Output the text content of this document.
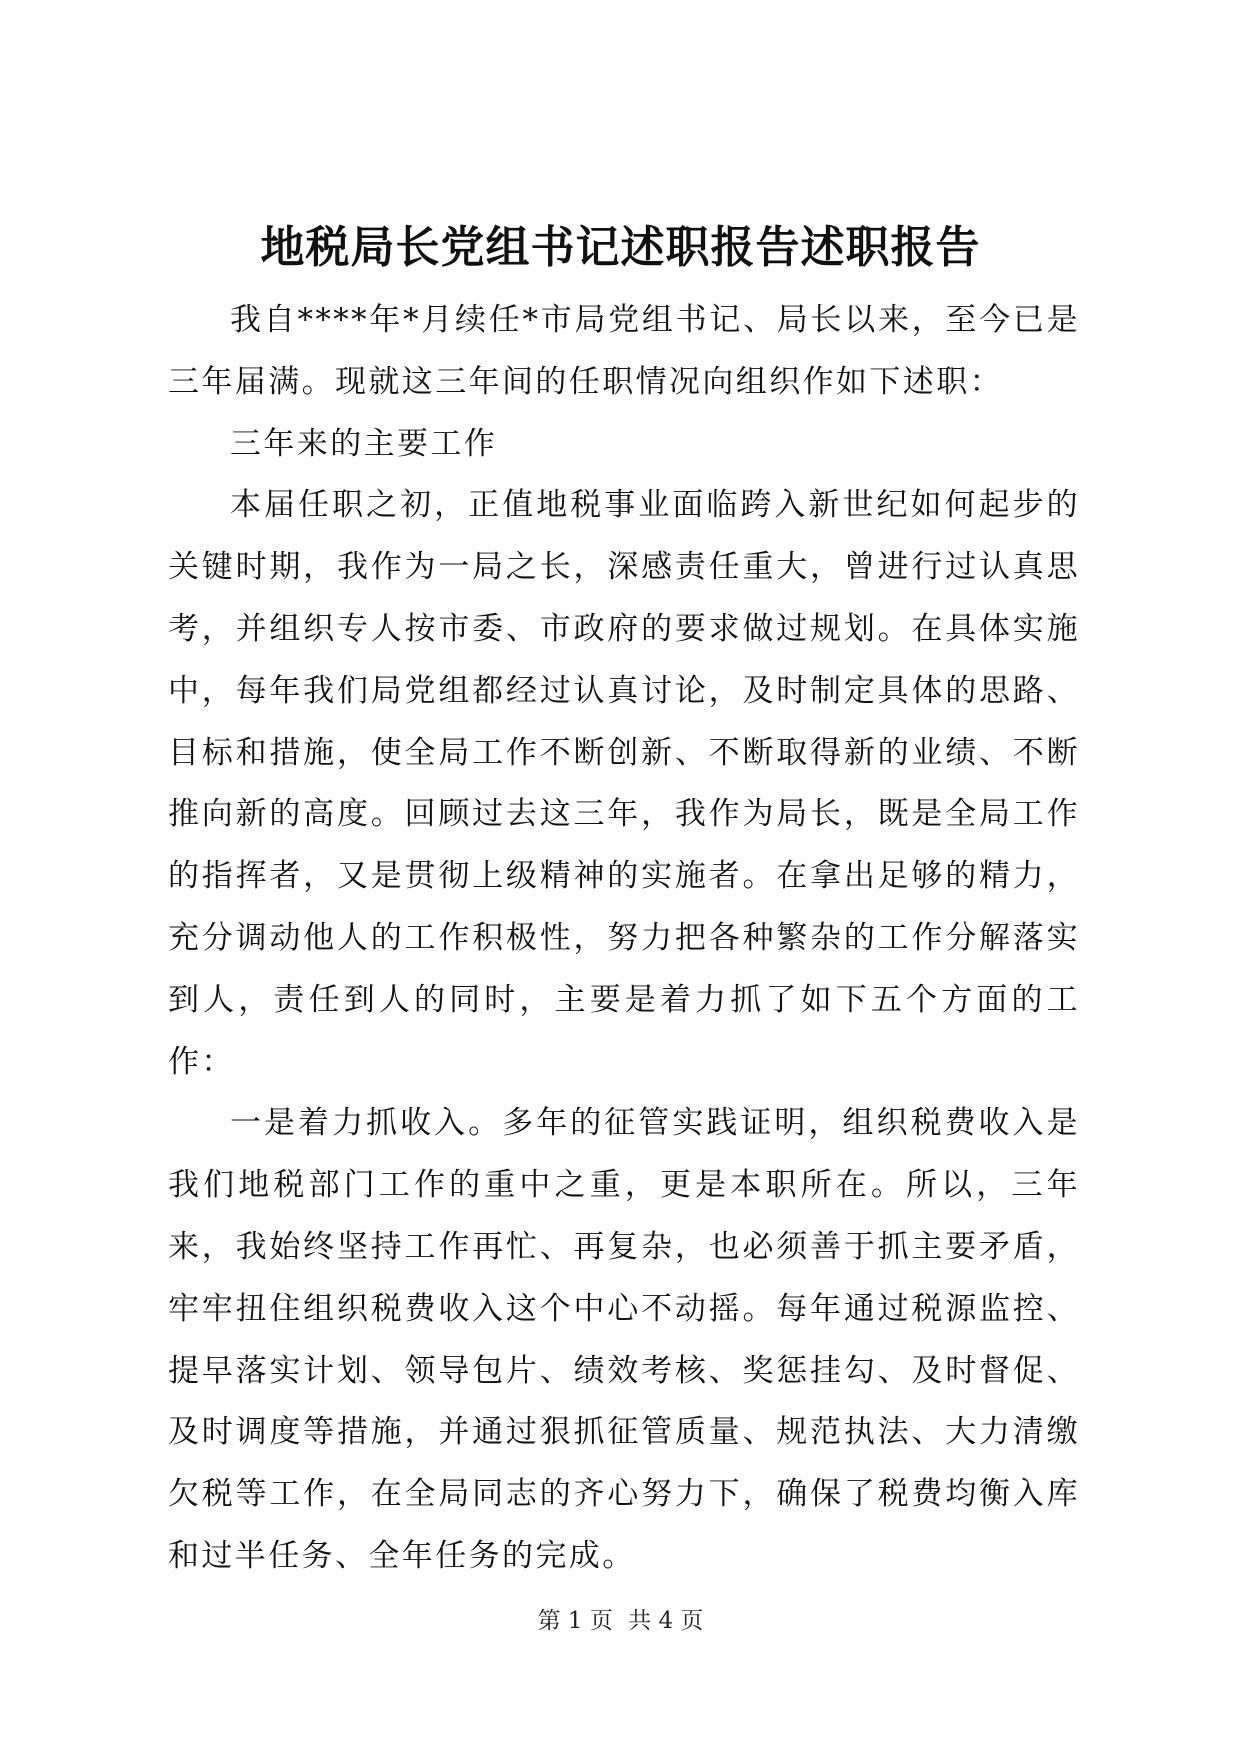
地税局长党组书记述职报告述职报告

我自****年*月续任*市局党组书记、局长以来，至今已是三年届满。现就这三年间的任职情况向组织作如下述职：

三年来的主要工作

本届任职之初，正值地税事业面临跨入新世纪如何起步的关键时期，我作为一局之长，深感责任重大，曾进行过认真思考，并组织专人按市委、市政府的要求做过规划。在具体实施中，每年我们局党组都经过认真讨论，及时制定具体的思路、目标和措施，使全局工作不断创新、不断取得新的业绩、不断推向新的高度。回顾过去这三年，我作为局长，既是全局工作的指挥者，又是贯彻上级精神的实施者。在拿出足够的精力，充分调动他人的工作积极性，努力把各种繁杂的工作分解落实到人，责任到人的同时，主要是着力抓了如下五个方面的工作：

一是着力抓收入。多年的征管实践证明，组织税费收入是我们地税部门工作的重中之重，更是本职所在。所以，三年来，我始终坚持工作再忙、再复杂，也必须善于抓主要矛盾，牢牢扭住组织税费收入这个中心不动摇。每年通过税源监控、提早落实计划、领导包片、绩效考核、奖惩挂勾、及时督促、及时调度等措施，并通过狠抓征管质量、规范执法、大力清缴欠税等工作，在全局同志的齐心努力下，确保了税费均衡入库和过半任务、全年任务的完成。

第 1 页 共 4 页
